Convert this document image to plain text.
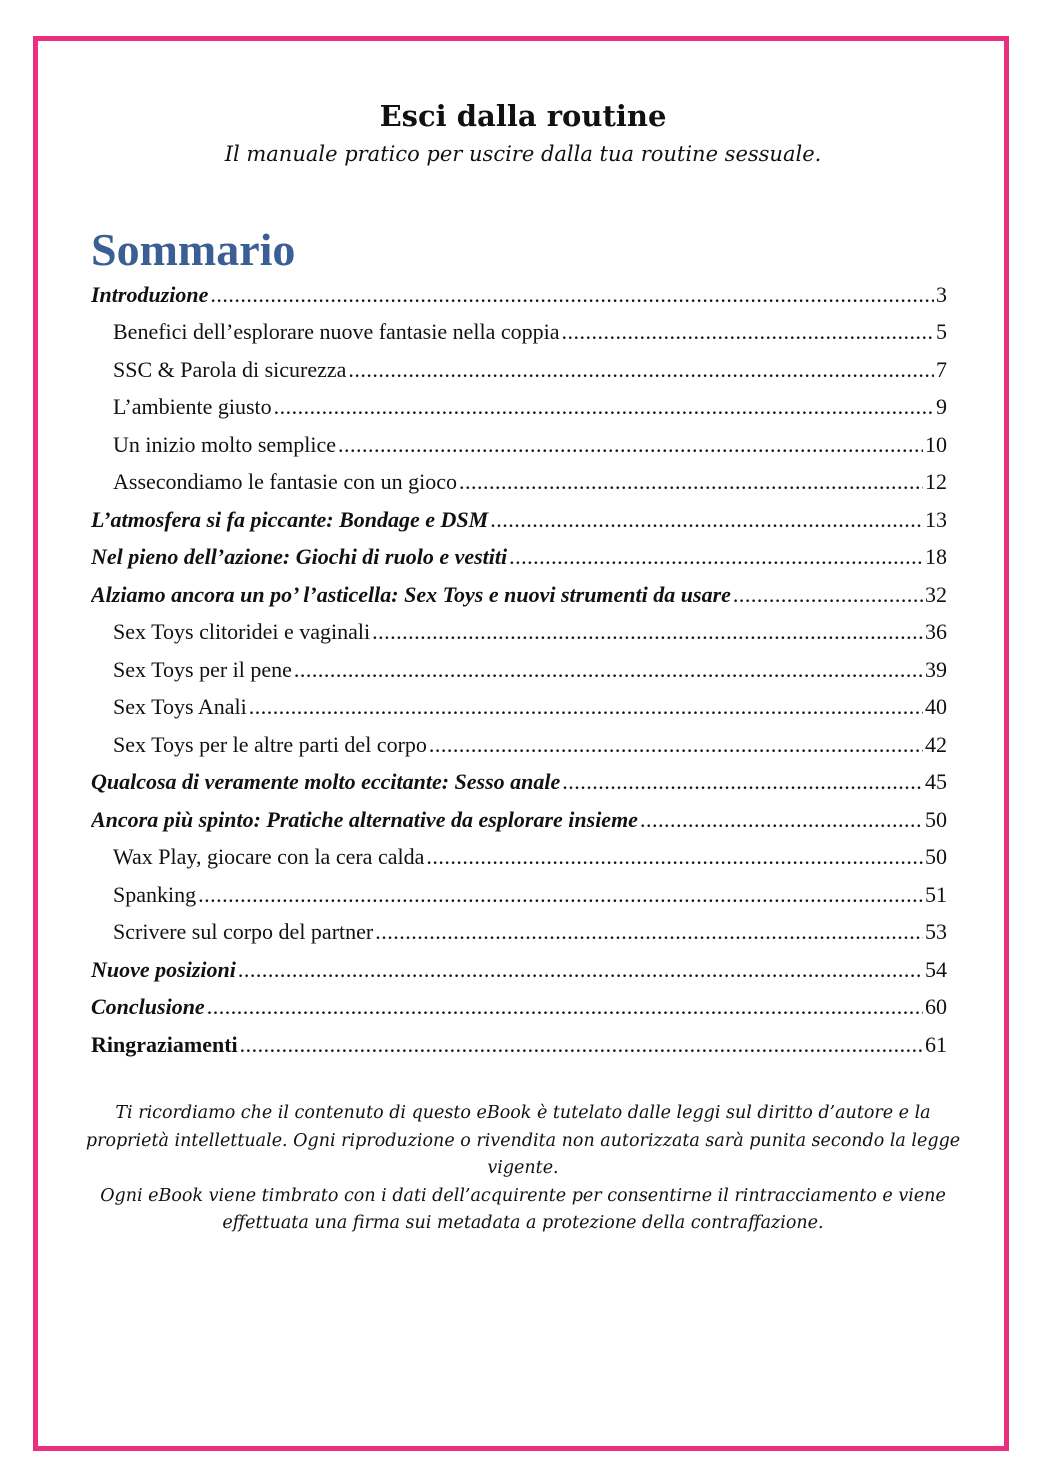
Esci dalla routine
Il manuale pratico per uscire dalla tua routine sessuale.
Sommario
Introduzione .....	3
Benefici dell’esplorare nuove fantasie nella coppia .....	5
SSC & Parola di sicurezza .....	7
L’ambiente giusto .....	9
Un inizio molto semplice .....	10
Assecondiamo le fantasie con un gioco .....	12
L’atmosfera si fa piccante: Bondage e DSM .....	13
Nel pieno dell’azione: Giochi di ruolo e vestiti .....	18
Alziamo ancora un po’ l’asticella: Sex Toys e nuovi strumenti da usare .....	32
Sex Toys clitoridei e vaginali .....	36
Sex Toys per il pene .....	39
Sex Toys Anali .....	40
Sex Toys per le altre parti del corpo .....	42
Qualcosa di veramente molto eccitante: Sesso anale .....	45
Ancora più spinto: Pratiche alternative da esplorare insieme .....	50
Wax Play, giocare con la cera calda .....	50
Spanking .....	51
Scrivere sul corpo del partner .....	53
Nuove posizioni .....	54
Conclusione .....	60
Ringraziamenti .....	61

Ti ricordiamo che il contenuto di questo eBook è tutelato dalle leggi sul diritto d’autore e la proprietà intellettuale. Ogni riproduzione o rivendita non autorizzata sarà punita secondo la legge vigente.

Ogni eBook viene timbrato con i dati dell’acquirente per consentirne il rintracciamento e viene effettuata una firma sui metadata a protezione della contraffazione.
